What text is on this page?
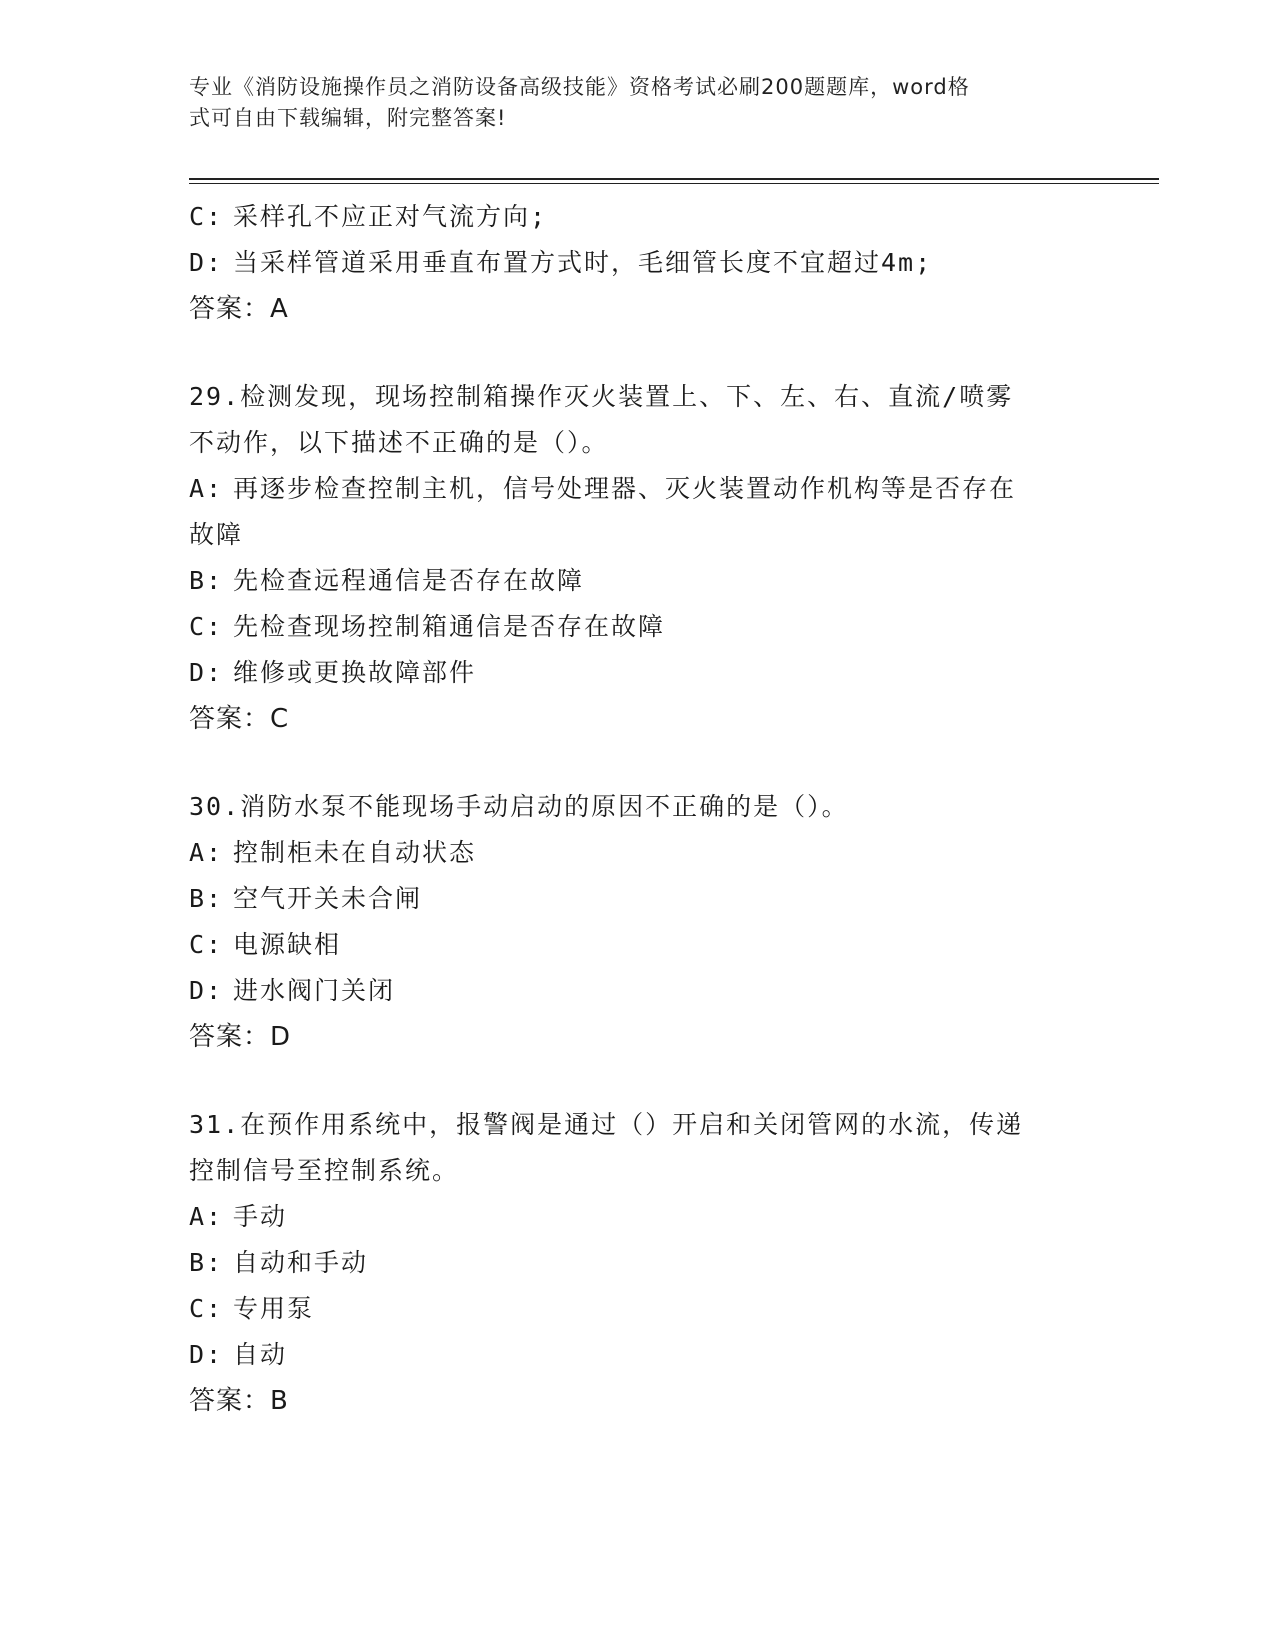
专业《消防设施操作员之消防设备高级技能》资格考试必刷200题题库，word格
式可自由下载编辑，附完整答案!
C: 采样孔不应正对气流方向;
D: 当采样管道采用垂直布置方式时，毛细管长度不宜超过4m;
答案：A
29.检测发现，现场控制箱操作灭火装置上、下、左、右、直流/喷雾
不动作，以下描述不正确的是（）。
A: 再逐步检查控制主机，信号处理器、灭火装置动作机构等是否存在
故障
B: 先检查远程通信是否存在故障
C: 先检查现场控制箱通信是否存在故障
D: 维修或更换故障部件
答案：C
30.消防水泵不能现场手动启动的原因不正确的是（）。
A: 控制柜未在自动状态
B: 空气开关未合闸
C: 电源缺相
D: 进水阀门关闭
答案：D
31.在预作用系统中，报警阀是通过（）开启和关闭管网的水流，传递
控制信号至控制系统。
A: 手动
B: 自动和手动
C: 专用泵
D: 自动
答案：B
